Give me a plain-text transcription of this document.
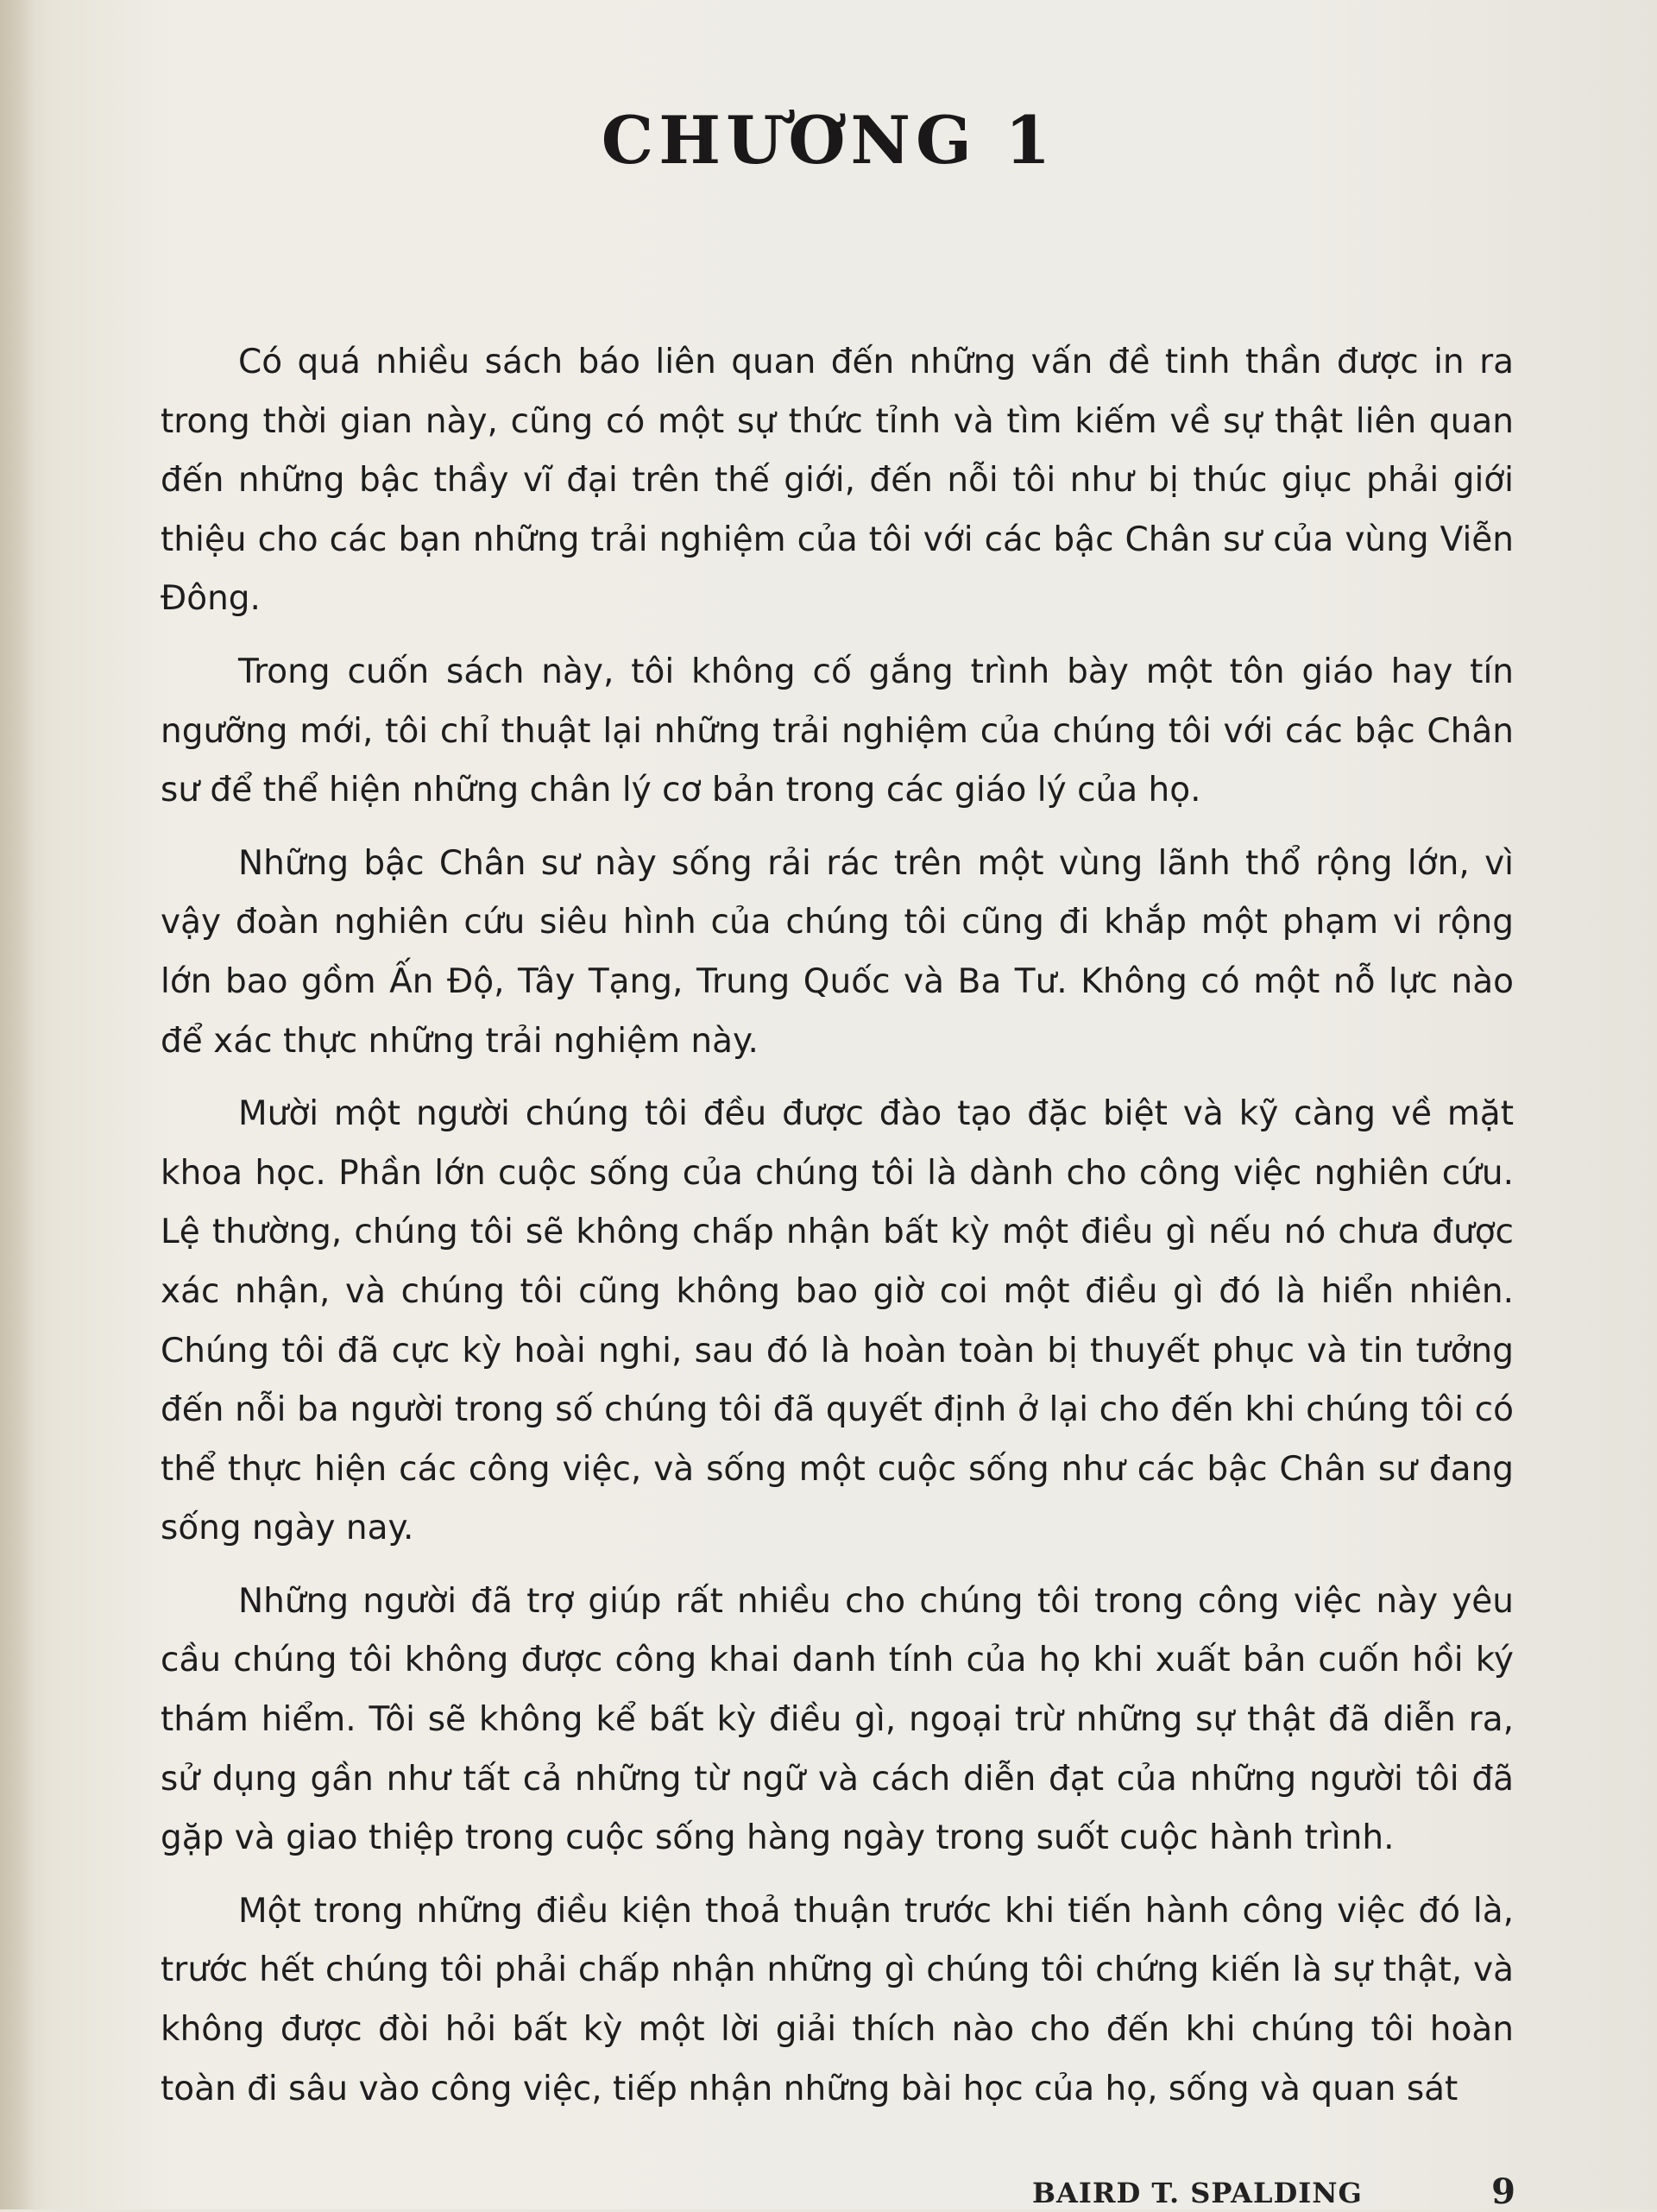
CHƯƠNG 1

Có quá nhiều sách báo liên quan đến những vấn đề tinh thần được in ra trong thời gian này, cũng có một sự thức tỉnh và tìm kiếm về sự thật liên quan đến những bậc thầy vĩ đại trên thế giới, đến nỗi tôi như bị thúc giục phải giới thiệu cho các bạn những trải nghiệm của tôi với các bậc Chân sư của vùng Viễn Đông.

Trong cuốn sách này, tôi không cố gắng trình bày một tôn giáo hay tín ngưỡng mới, tôi chỉ thuật lại những trải nghiệm của chúng tôi với các bậc Chân sư để thể hiện những chân lý cơ bản trong các giáo lý của họ.

Những bậc Chân sư này sống rải rác trên một vùng lãnh thổ rộng lớn, vì vậy đoàn nghiên cứu siêu hình của chúng tôi cũng đi khắp một phạm vi rộng lớn bao gồm Ấn Độ, Tây Tạng, Trung Quốc và Ba Tư. Không có một nỗ lực nào để xác thực những trải nghiệm này.

Mười một người chúng tôi đều được đào tạo đặc biệt và kỹ càng về mặt khoa học. Phần lớn cuộc sống của chúng tôi là dành cho công việc nghiên cứu. Lệ thường, chúng tôi sẽ không chấp nhận bất kỳ một điều gì nếu nó chưa được xác nhận, và chúng tôi cũng không bao giờ coi một điều gì đó là hiển nhiên. Chúng tôi đã cực kỳ hoài nghi, sau đó là hoàn toàn bị thuyết phục và tin tưởng đến nỗi ba người trong số chúng tôi đã quyết định ở lại cho đến khi chúng tôi có thể thực hiện các công việc, và sống một cuộc sống như các bậc Chân sư đang sống ngày nay.

Những người đã trợ giúp rất nhiều cho chúng tôi trong công việc này yêu cầu chúng tôi không được công khai danh tính của họ khi xuất bản cuốn hồi ký thám hiểm. Tôi sẽ không kể bất kỳ điều gì, ngoại trừ những sự thật đã diễn ra, sử dụng gần như tất cả những từ ngữ và cách diễn đạt của những người tôi đã gặp và giao thiệp trong cuộc sống hàng ngày trong suốt cuộc hành trình.

Một trong những điều kiện thoả thuận trước khi tiến hành công việc đó là, trước hết chúng tôi phải chấp nhận những gì chúng tôi chứng kiến là sự thật, và không được đòi hỏi bất kỳ một lời giải thích nào cho đến khi chúng tôi hoàn toàn đi sâu vào công việc, tiếp nhận những bài học của họ, sống và quan sát

BAIRD T. SPALDING	9
